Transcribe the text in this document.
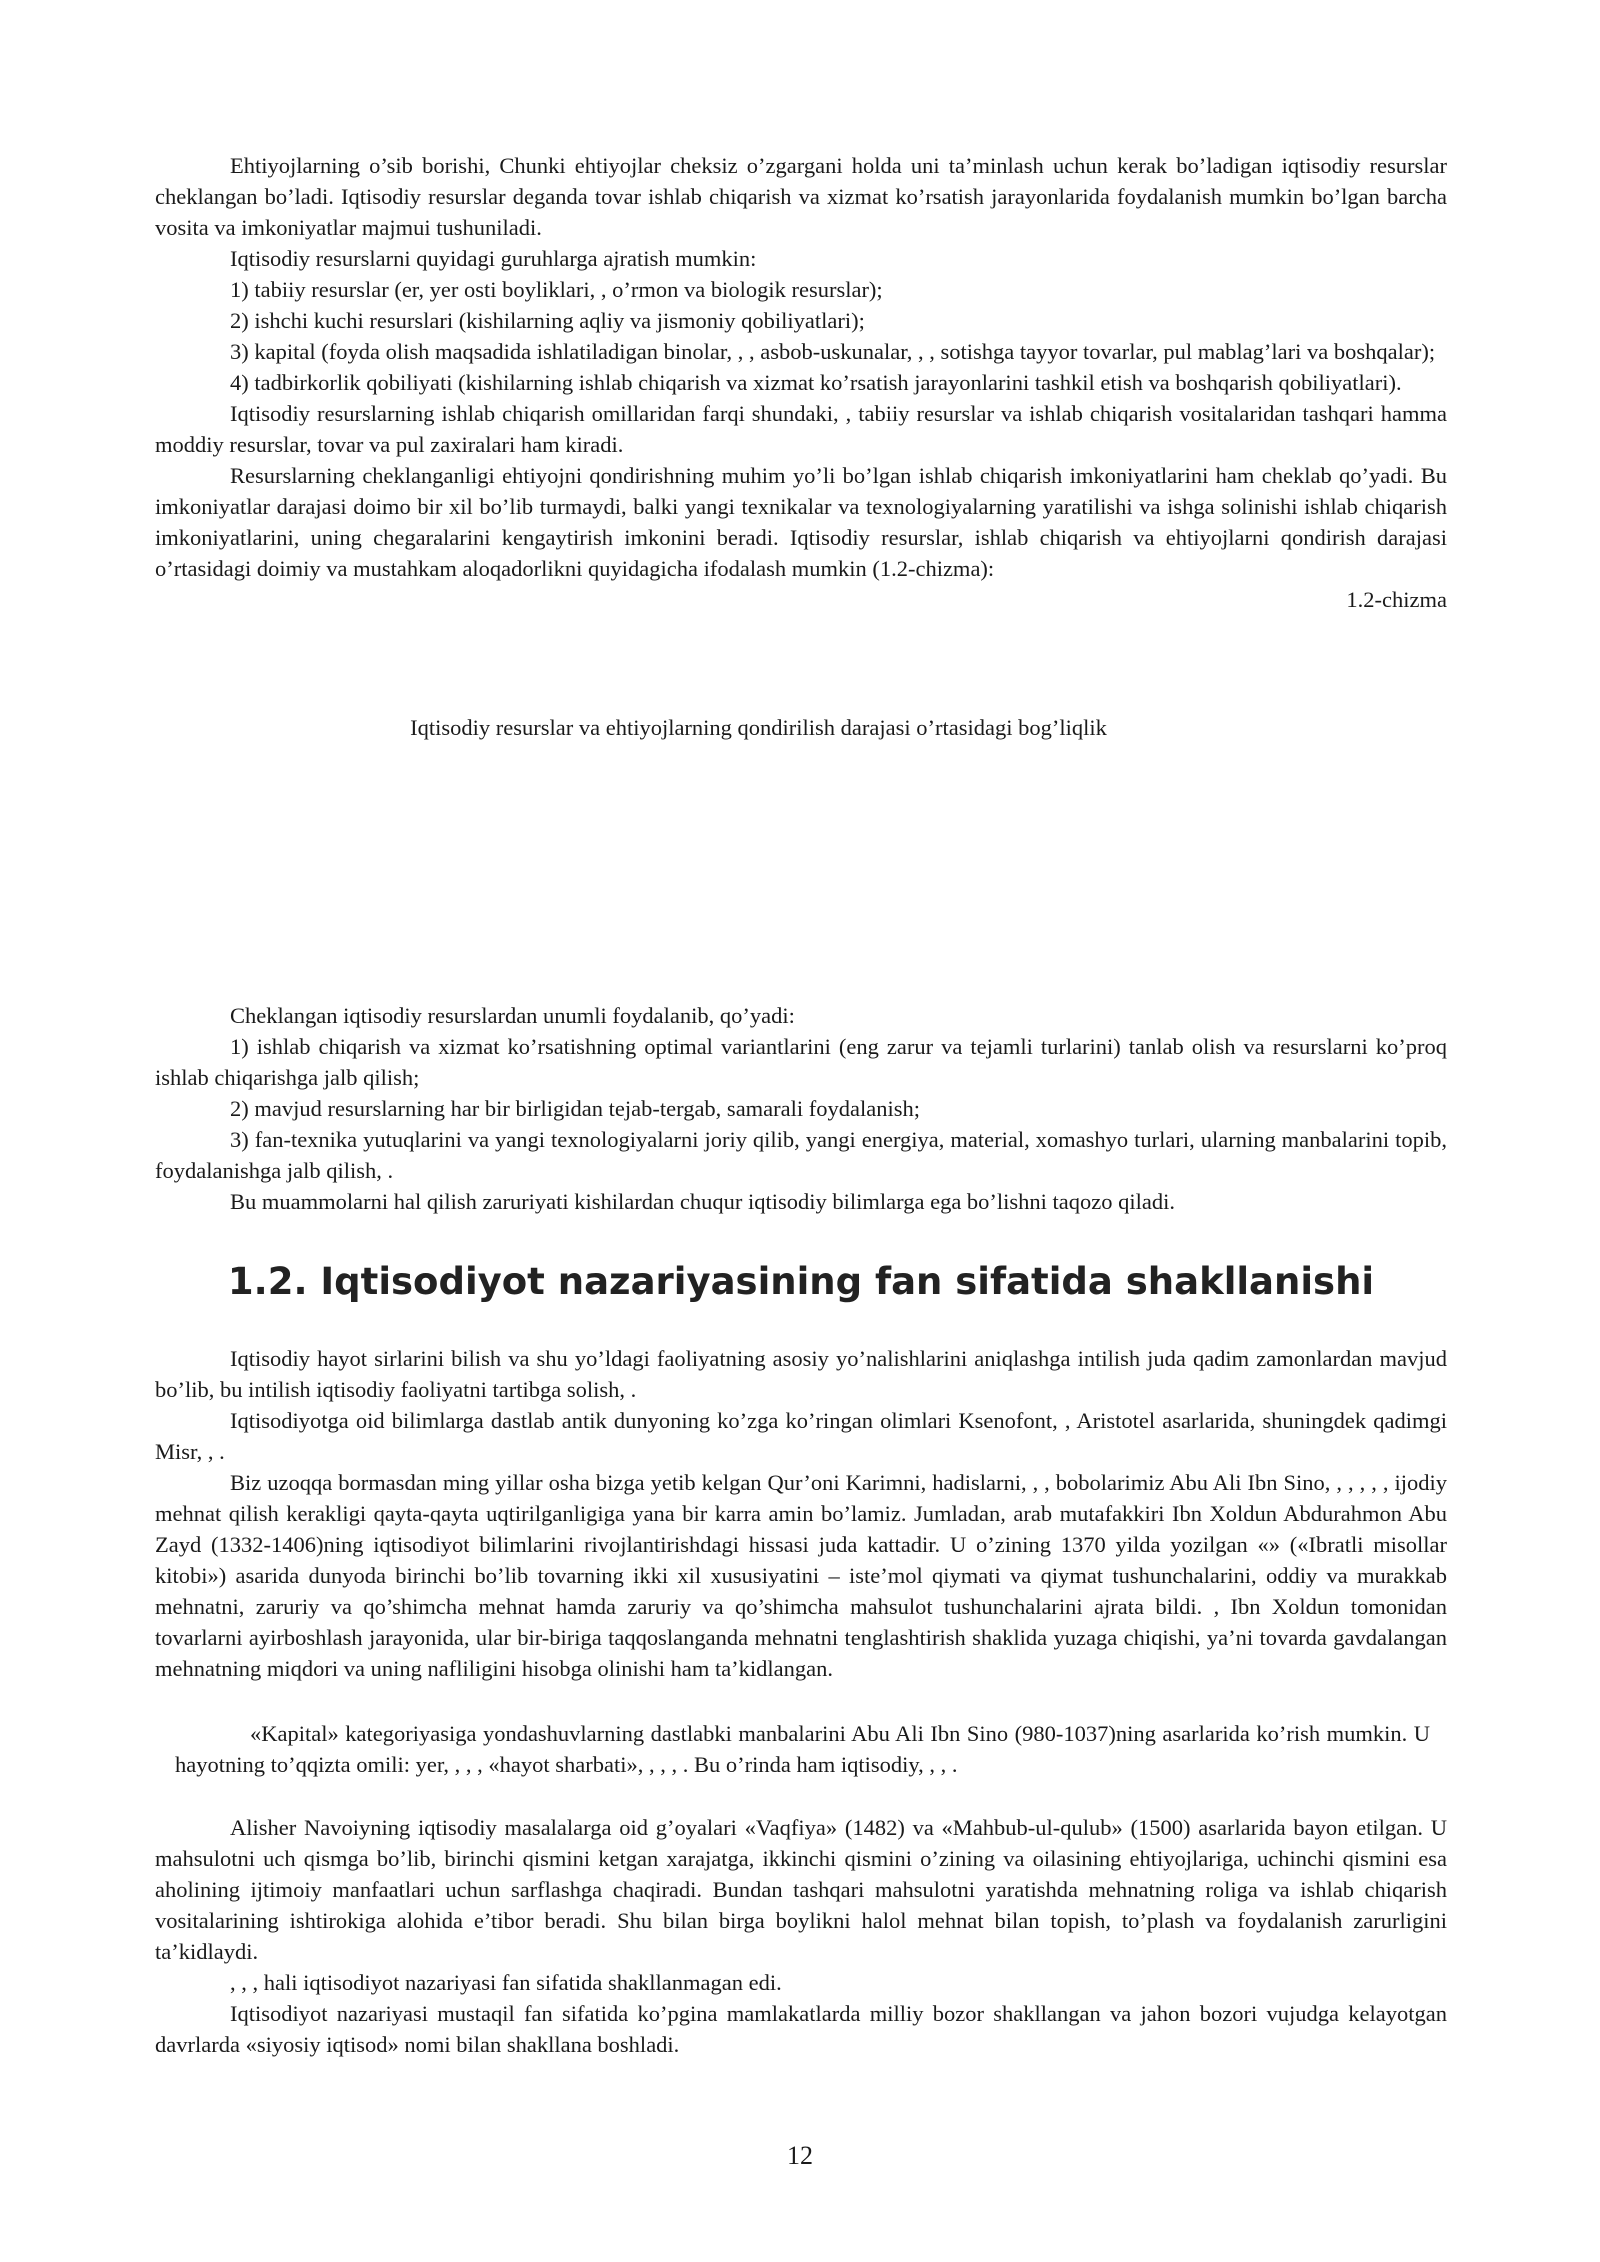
Ehtiyojlarning o’sib borishi, Chunki ehtiyojlar cheksiz o’zgargani holda uni ta’minlash uchun kerak bo’ladigan iqtisodiy resurslar cheklangan bo’ladi. Iqtisodiy resurslar deganda tovar ishlab chiqarish va xizmat ko’rsatish jarayonlarida foydalanish mumkin bo’lgan barcha vosita va imkoniyatlar majmui tushuniladi.

Iqtisodiy resurslarni quyidagi guruhlarga ajratish mumkin:

1) tabiiy resurslar (er, yer osti boyliklari, , o’rmon va biologik resurslar);

2) ishchi kuchi resurslari (kishilarning aqliy va jismoniy qobiliyatlari);

3) kapital (foyda olish maqsadida ishlatiladigan binolar, , , asbob-uskunalar, , , sotishga tayyor tovarlar, pul mablag’lari va boshqalar);

4) tadbirkorlik qobiliyati (kishilarning ishlab chiqarish va xizmat ko’rsatish jarayonlarini tashkil etish va boshqarish qobiliyatlari).

Iqtisodiy resurslarning ishlab chiqarish omillaridan farqi shundaki, , tabiiy resurslar va ishlab chiqarish vositalaridan tashqari hamma moddiy resurslar, tovar va pul zaxiralari ham kiradi.

Resurslarning cheklanganligi ehtiyojni qondirishning muhim yo’li bo’lgan ishlab chiqarish imkoniyatlarini ham cheklab qo’yadi. Bu imkoniyatlar darajasi doimo bir xil bo’lib turmaydi, balki yangi texnikalar va texnologiyalarning yaratilishi va ishga solinishi ishlab chiqarish imkoniyatlarini, uning chegaralarini kengaytirish imkonini beradi. Iqtisodiy resurslar, ishlab chiqarish va ehtiyojlarni qondirish darajasi o’rtasidagi doimiy va mustahkam aloqadorlikni quyidagicha ifodalash mumkin (1.2-chizma):

1.2-chizma

Iqtisodiy resurslar va ehtiyojlarning qondirilish darajasi o’rtasidagi bog’liqlik

Cheklangan iqtisodiy resurslardan unumli foydalanib, qo’yadi:

1) ishlab chiqarish va xizmat ko’rsatishning optimal variantlarini (eng zarur va tejamli turlarini) tanlab olish va resurslarni ko’proq ishlab chiqarishga jalb qilish;

2) mavjud resurslarning har bir birligidan tejab-tergab, samarali foydalanish;

3) fan-texnika yutuqlarini va yangi texnologiyalarni joriy qilib, yangi energiya, material, xomashyo turlari, ularning manbalarini topib, foydalanishga jalb qilish, .

Bu muammolarni hal qilish zaruriyati kishilardan chuqur iqtisodiy bilimlarga ega bo’lishni taqozo qiladi.

1.2. Iqtisodiyot nazariyasining fan sifatida shakllanishi

Iqtisodiy hayot sirlarini bilish va shu yo’ldagi faoliyatning asosiy yo’nalishlarini aniqlashga intilish juda qadim zamonlardan mavjud bo’lib, bu intilish iqtisodiy faoliyatni tartibga solish, .

Iqtisodiyotga oid bilimlarga dastlab antik dunyoning ko’zga ko’ringan olimlari Ksenofont, , Aristotel asarlarida, shuningdek qadimgi Misr, , .

Biz uzoqqa bormasdan ming yillar osha bizga yetib kelgan Qur’oni Karimni, hadislarni, , , bobolarimiz Abu Ali Ibn Sino, , , , , , ijodiy mehnat qilish kerakligi qayta-qayta uqtirilganligiga yana bir karra amin bo’lamiz. Jumladan, arab mutafakkiri Ibn Xoldun Abdurahmon Abu Zayd (1332-1406)ning iqtisodiyot bilimlarini rivojlantirishdagi hissasi juda kattadir. U o’zining 1370 yilda yozilgan «» («Ibratli misollar kitobi») asarida dunyoda birinchi bo’lib tovarning ikki xil xususiyatini – iste’mol qiymati va qiymat tushunchalarini, oddiy va murakkab mehnatni, zaruriy va qo’shimcha mehnat hamda zaruriy va qo’shimcha mahsulot tushunchalarini ajrata bildi. , Ibn Xoldun tomonidan tovarlarni ayirboshlash jarayonida, ular bir-biriga taqqoslanganda mehnatni tenglashtirish shaklida yuzaga chiqishi, ya’ni tovarda gavdalangan mehnatning miqdori va uning nafliligini hisobga olinishi ham ta’kidlangan.

«Kapital» kategoriyasiga yondashuvlarning dastlabki manbalarini Abu Ali Ibn Sino (980-1037)ning asarlarida ko’rish mumkin. U hayotning to’qqizta omili: yer, , , , «hayot sharbati», , , , . Bu o’rinda ham iqtisodiy, , , .

Alisher Navoiyning iqtisodiy masalalarga oid g’oyalari «Vaqfiya» (1482) va «Mahbub-ul-qulub» (1500) asarlarida bayon etilgan. U mahsulotni uch qismga bo’lib, birinchi qismini ketgan xarajatga, ikkinchi qismini o’zining va oilasining ehtiyojlariga, uchinchi qismini esa aholining ijtimoiy manfaatlari uchun sarflashga chaqiradi. Bundan tashqari mahsulotni yaratishda mehnatning roliga va ishlab chiqarish vositalarining ishtirokiga alohida e’tibor beradi. Shu bilan birga boylikni halol mehnat bilan topish, to’plash va foydalanish zarurligini ta’kidlaydi.

, , , hali iqtisodiyot nazariyasi fan sifatida shakllanmagan edi.

Iqtisodiyot nazariyasi mustaqil fan sifatida ko’pgina mamlakatlarda milliy bozor shakllangan va jahon bozori vujudga kelayotgan davrlarda «siyosiy iqtisod» nomi bilan shakllana boshladi.

12
